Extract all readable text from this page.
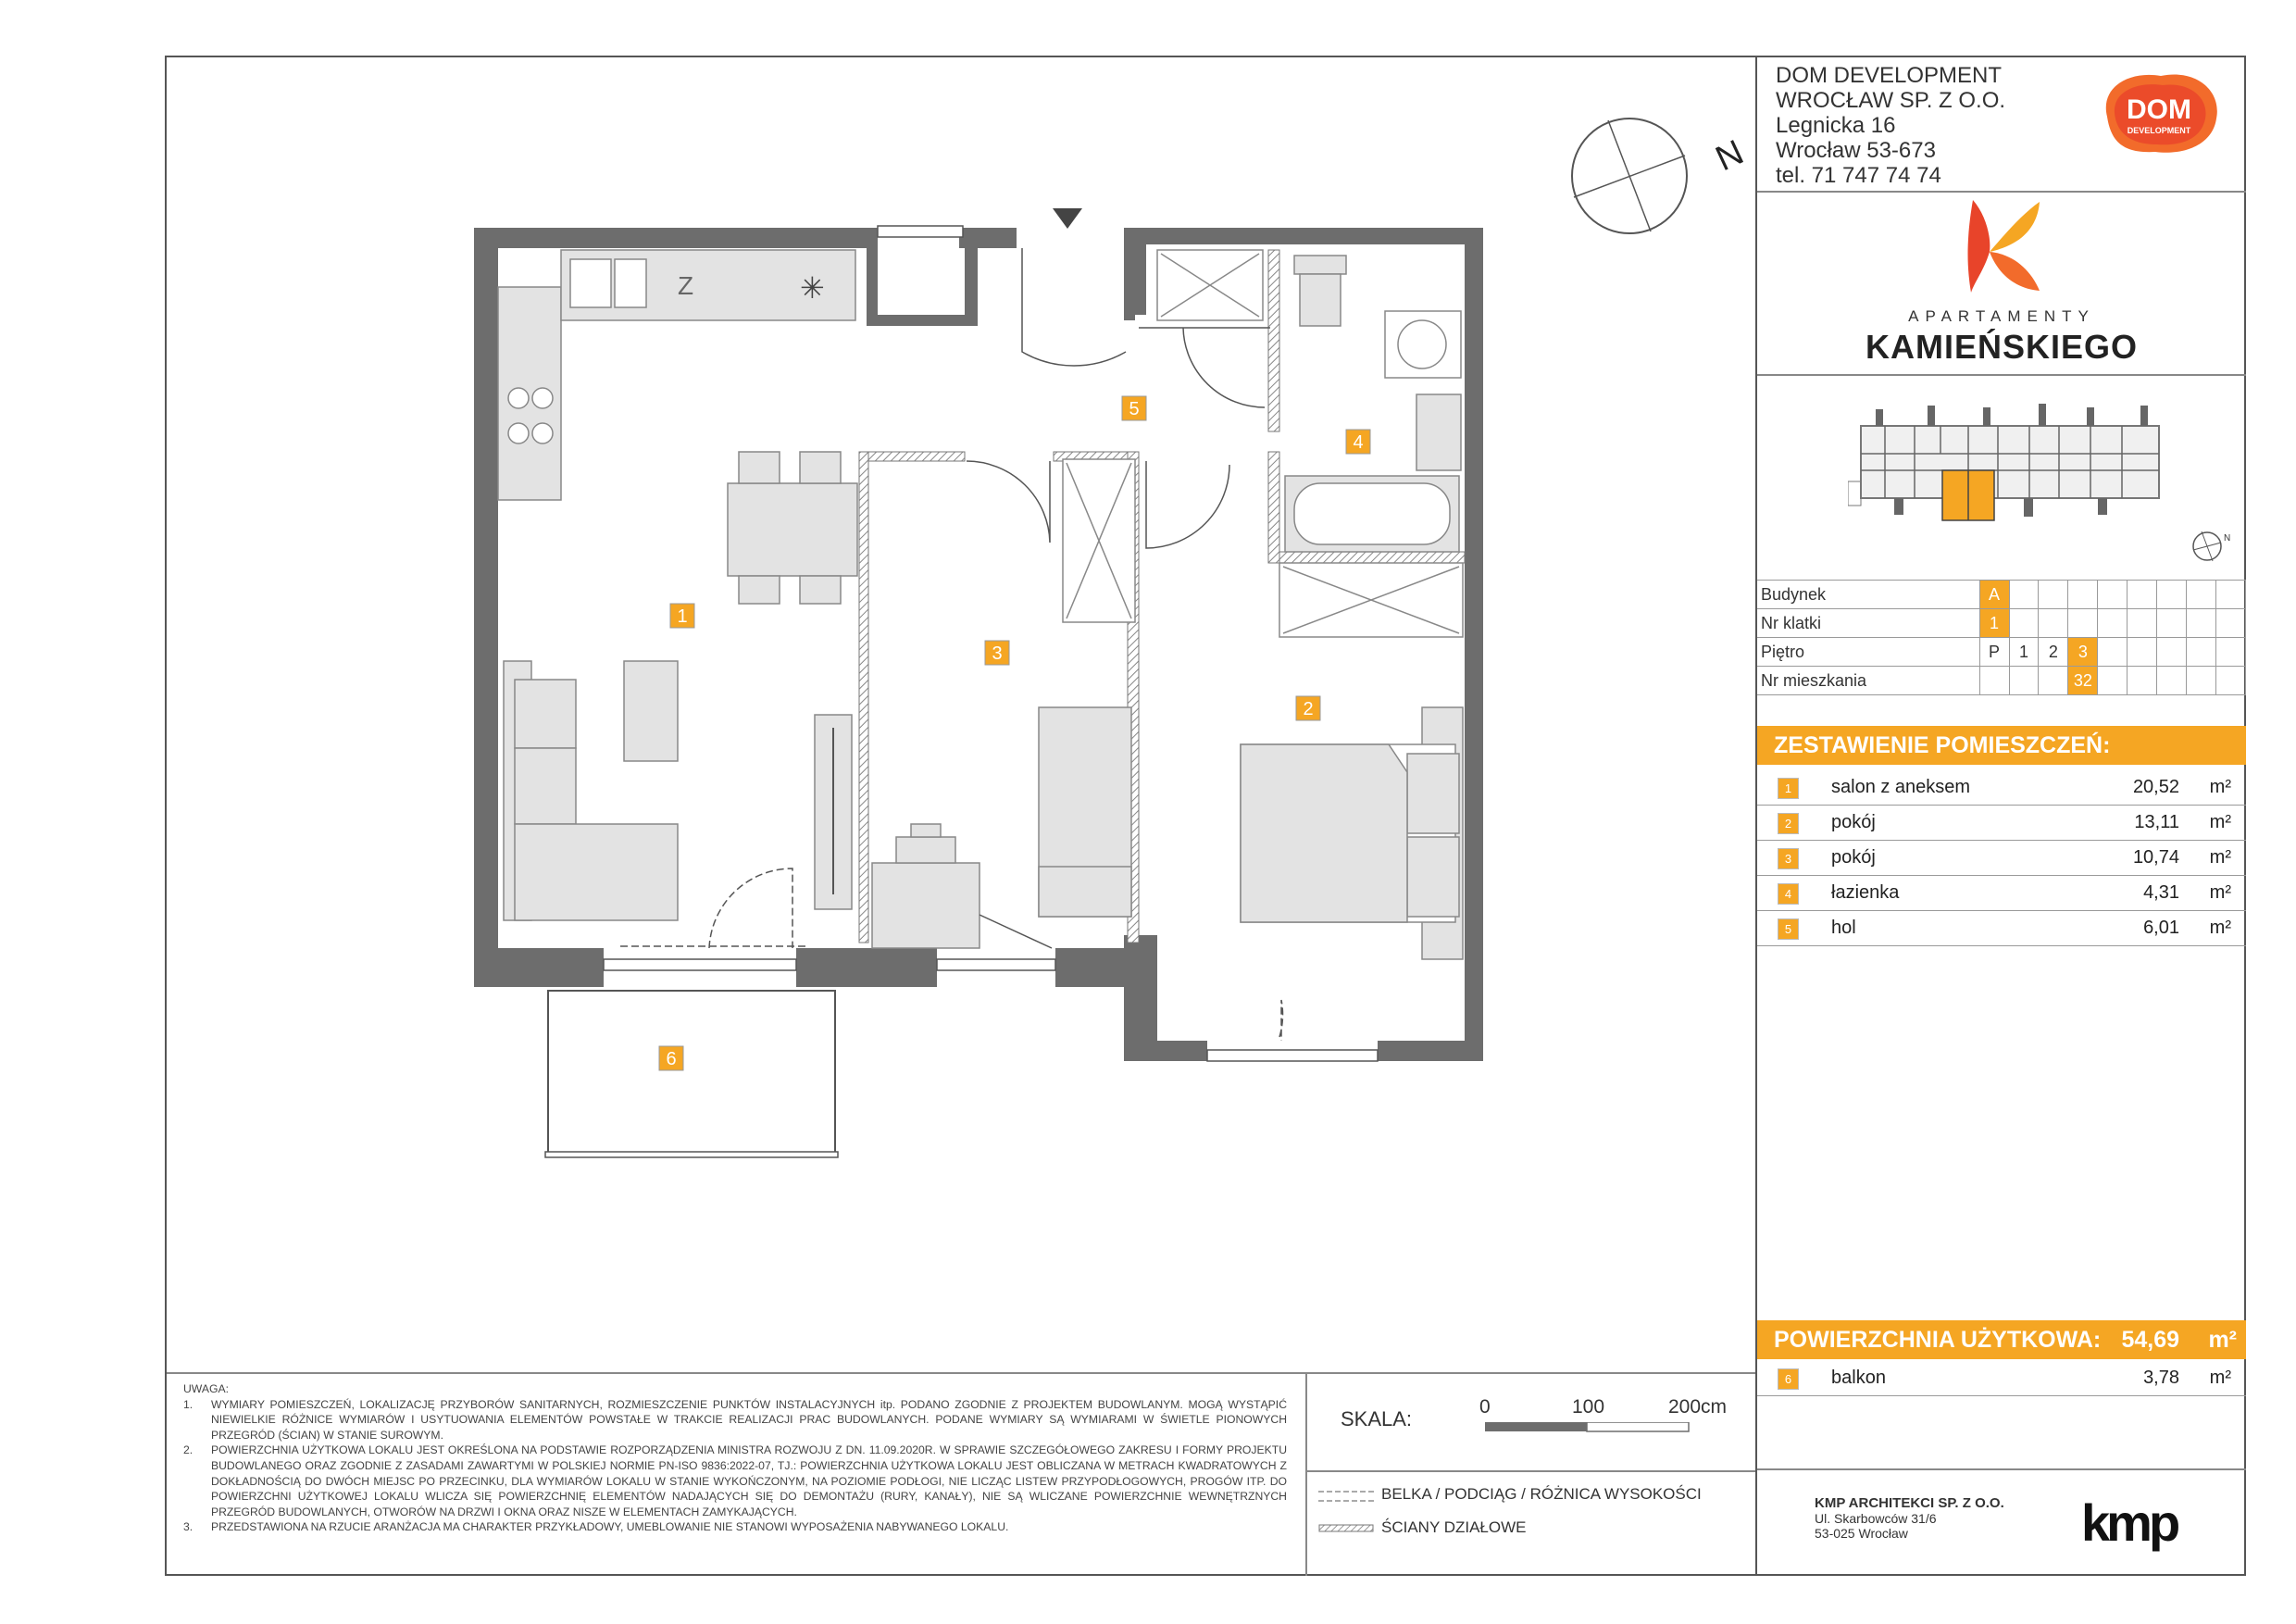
N
Z	✳
1
2
3
4
5
6
DOM DEVELOPMENT
WROCŁAW SP. Z O.O.
Legnicka 16
Wrocław 53-673
tel. 71 747 74 74
DOM
DEVELOPMENT
APARTAMENTY
KAMIEŃSKIEGO
N
Budynek	A								
Nr klatki	1								
Piętro	P	1	2	3					
Nr mieszkania				32					
ZESTAWIENIE POMIESZCZEŃ:
1	salon z aneksem	20,52 m²
2	pokój	13,11 m²
3	pokój	10,74 m²
4	łazienka	4,31 m²
5	hol	6,01 m²
POWIERZCHNIA UŻYTKOWA: 54,69 m²
6	balkon	3,78 m²
KMP ARCHITEKCI SP. Z O.O.
Ul. Skarbowców 31/6
53-025 Wrocław	kmp
UWAGA:
1. WYMIARY POMIESZCZEŃ, LOKALIZACJĘ PRZYBORÓW SANITARNYCH, ROZMIESZCZENIE PUNKTÓW INSTALACYJNYCH itp. PODANO ZGODNIE Z PROJEKTEM BUDOWLANYM. MOGĄ WYSTĄPIĆ NIEWIELKIE RÓŻNICE WYMIARÓW I USYTUOWANIA ELEMENTÓW POWSTAŁE W TRAKCIE REALIZACJI PRAC BUDOWLANYCH. PODANE WYMIARY SĄ WYMIARAMI W ŚWIETLE PIONOWYCH PRZEGRÓD (ŚCIAN) W STANIE SUROWYM.
2. POWIERZCHNIA UŻYTKOWA LOKALU JEST OKREŚLONA NA PODSTAWIE ROZPORZĄDZENIA MINISTRA ROZWOJU Z DN. 11.09.2020R. W SPRAWIE SZCZEGÓŁOWEGO ZAKRESU I FORMY PROJEKTU BUDOWLANEGO ORAZ ZGODNIE Z ZASADAMI ZAWARTYMI W POLSKIEJ NORMIE PN-ISO 9836:2022-07, TJ.: POWIERZCHNIA UŻYTKOWA LOKALU JEST OBLICZANA W METRACH KWADRATOWYCH Z DOKŁADNOŚCIĄ DO DWÓCH MIEJSC PO PRZECINKU, DLA WYMIARÓW LOKALU W STANIE WYKOŃCZONYM, NA POZIOMIE PODŁOGI, NIE LICZĄC LISTEW PRZYPODŁOGOWYCH, PROGÓW ITP. DO POWIERZCHNI UŻYTKOWEJ LOKALU WLICZA SIĘ POWIERZCHNIĘ ELEMENTÓW NADAJĄCYCH SIĘ DO DEMONTAŻU (RURY, KANAŁY), NIE SĄ WLICZANE POWIERZCHNIE WEWNĘTRZNYCH PRZEGRÓD BUDOWLANYCH, OTWORÓW NA DRZWI I OKNA ORAZ NISZE W ELEMENTACH ZAMYKAJĄCYCH.
3. PRZEDSTAWIONA NA RZUCIE ARANŻACJA MA CHARAKTER PRZYKŁADOWY, UMEBLOWANIE NIE STANOWI WYPOSAŻENIA NABYWANEGO LOKALU.
SKALA:
0	100	200cm
BELKA / PODCIĄG / RÓŻNICA WYSOKOŚCI
ŚCIANY DZIAŁOWE
